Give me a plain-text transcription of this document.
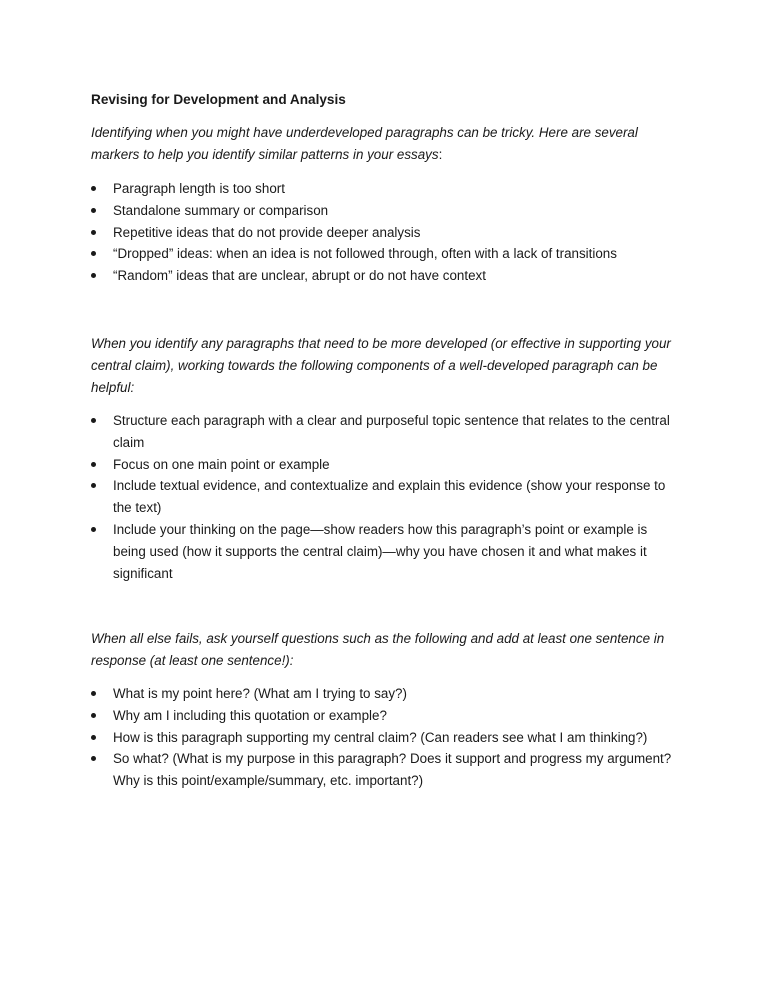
Revising for Development and Analysis

Identifying when you might have underdeveloped paragraphs can be tricky. Here are several markers to help you identify similar patterns in your essays:

Paragraph length is too short
Standalone summary or comparison
Repetitive ideas that do not provide deeper analysis
“Dropped” ideas: when an idea is not followed through, often with a lack of transitions
“Random” ideas that are unclear, abrupt or do not have context

When you identify any paragraphs that need to be more developed (or effective in supporting your central claim), working towards the following components of a well-developed paragraph can be helpful:

Structure each paragraph with a clear and purposeful topic sentence that relates to the central claim
Focus on one main point or example
Include textual evidence, and contextualize and explain this evidence (show your response to the text)
Include your thinking on the page—show readers how this paragraph’s point or example is being used (how it supports the central claim)—why you have chosen it and what makes it significant

When all else fails, ask yourself questions such as the following and add at least one sentence in response (at least one sentence!):

What is my point here? (What am I trying to say?)
Why am I including this quotation or example?
How is this paragraph supporting my central claim? (Can readers see what I am thinking?)
So what? (What is my purpose in this paragraph? Does it support and progress my argument? Why is this point/example/summary, etc. important?)
